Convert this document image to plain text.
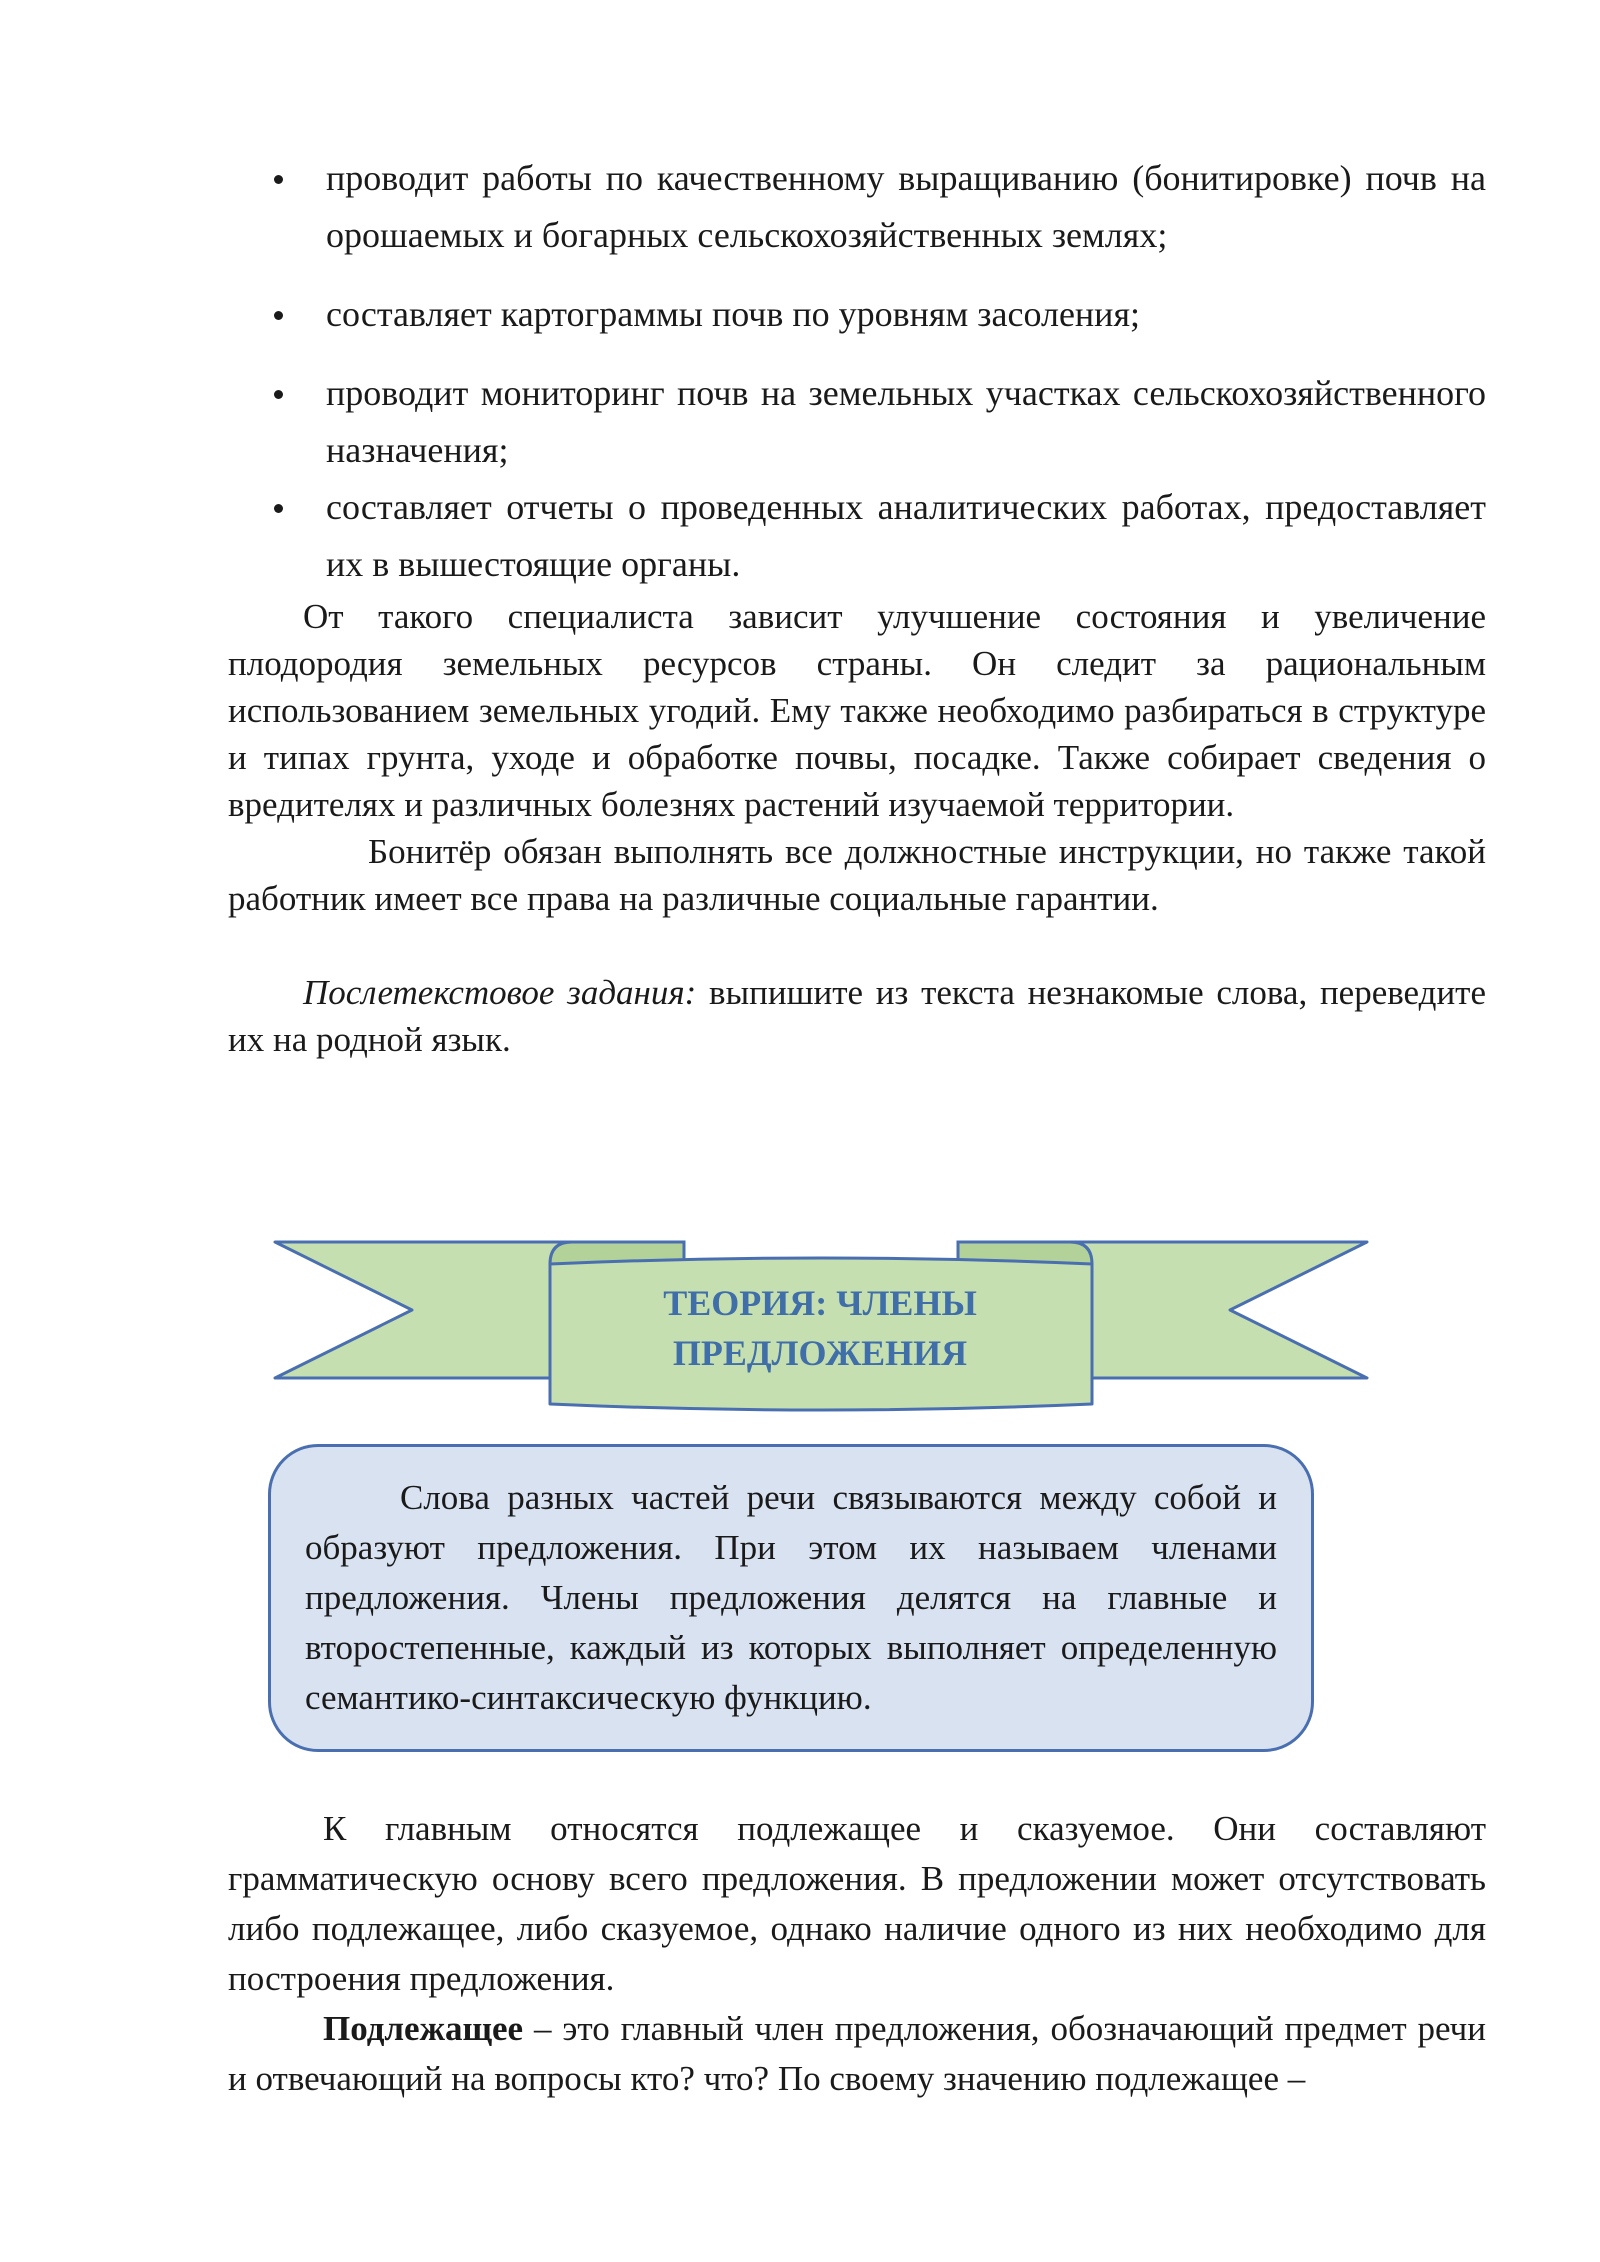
проводит работы по качественному выращиванию (бонитировке) почв на орошаемых и богарных сельскохозяйственных землях;
составляет картограммы почв по уровням засоления;
проводит мониторинг почв на земельных участках сельскохозяйственного назначения;
составляет отчеты о проведенных аналитических работах, предоставляет их в вышестоящие органы.

От такого специалиста зависит улучшение состояния и увеличение плодородия земельных ресурсов страны. Он следит за рациональным использованием земельных угодий. Ему также необходимо разбираться в структуре и типах грунта, уходе и обработке почвы, посадке. Также собирает сведения о вредителях и различных болезнях растений изучаемой территории.

Бонитёр обязан выполнять все должностные инструкции, но также такой работник имеет все права на различные социальные гарантии.

Послетекстовое задания: выпишите из текста незнакомые слова, переведите их на родной язык.

ТЕОРИЯ: ЧЛЕНЫ
ПРЕДЛОЖЕНИЯ

Слова разных частей речи связываются между собой и образуют предложения. При этом их называем членами предложения. Члены предложения делятся на главные и второстепенные, каждый из которых выполняет определенную семантико-синтаксическую функцию.

К главным относятся подлежащее и сказуемое. Они составляют грамматическую основу всего предложения. В предложении может отсутствовать либо подлежащее, либо сказуемое, однако наличие одного из них необходимо для построения предложения.

Подлежащее – это главный член предложения, обозначающий предмет речи и отвечающий на вопросы кто? что? По своему значению подлежащее –
